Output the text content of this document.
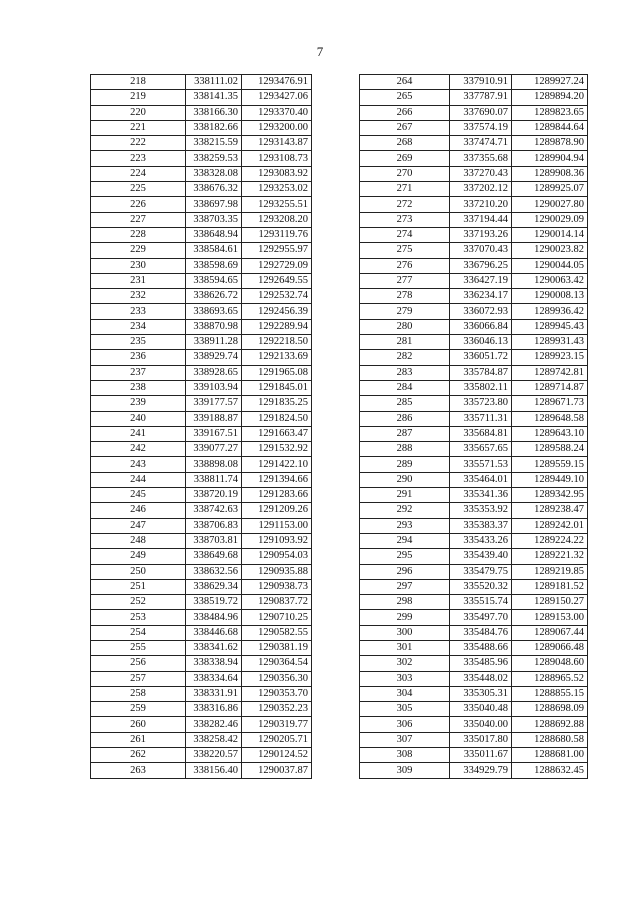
7
218	338111.02	1293476.91
219	338141.35	1293427.06
220	338166.30	1293370.40
221	338182.66	1293200.00
222	338215.59	1293143.87
223	338259.53	1293108.73
224	338328.08	1293083.92
225	338676.32	1293253.02
226	338697.98	1293255.51
227	338703.35	1293208.20
228	338648.94	1293119.76
229	338584.61	1292955.97
230	338598.69	1292729.09
231	338594.65	1292649.55
232	338626.72	1292532.74
233	338693.65	1292456.39
234	338870.98	1292289.94
235	338911.28	1292218.50
236	338929.74	1292133.69
237	338928.65	1291965.08
238	339103.94	1291845.01
239	339177.57	1291835.25
240	339188.87	1291824.50
241	339167.51	1291663.47
242	339077.27	1291532.92
243	338898.08	1291422.10
244	338811.74	1291394.66
245	338720.19	1291283.66
246	338742.63	1291209.26
247	338706.83	1291153.00
248	338703.81	1291093.92
249	338649.68	1290954.03
250	338632.56	1290935.88
251	338629.34	1290938.73
252	338519.72	1290837.72
253	338484.96	1290710.25
254	338446.68	1290582.55
255	338341.62	1290381.19
256	338338.94	1290364.54
257	338334.64	1290356.30
258	338331.91	1290353.70
259	338316.86	1290352.23
260	338282.46	1290319.77
261	338258.42	1290205.71
262	338220.57	1290124.52
263	338156.40	1290037.87
264	337910.91	1289927.24
265	337787.91	1289894.20
266	337690.07	1289823.65
267	337574.19	1289844.64
268	337474.71	1289878.90
269	337355.68	1289904.94
270	337270.43	1289908.36
271	337202.12	1289925.07
272	337210.20	1290027.80
273	337194.44	1290029.09
274	337193.26	1290014.14
275	337070.43	1290023.82
276	336796.25	1290044.05
277	336427.19	1290063.42
278	336234.17	1290008.13
279	336072.93	1289936.42
280	336066.84	1289945.43
281	336046.13	1289931.43
282	336051.72	1289923.15
283	335784.87	1289742.81
284	335802.11	1289714.87
285	335723.80	1289671.73
286	335711.31	1289648.58
287	335684.81	1289643.10
288	335657.65	1289588.24
289	335571.53	1289559.15
290	335464.01	1289449.10
291	335341.36	1289342.95
292	335353.92	1289238.47
293	335383.37	1289242.01
294	335433.26	1289224.22
295	335439.40	1289221.32
296	335479.75	1289219.85
297	335520.32	1289181.52
298	335515.74	1289150.27
299	335497.70	1289153.00
300	335484.76	1289067.44
301	335488.66	1289066.48
302	335485.96	1289048.60
303	335448.02	1288965.52
304	335305.31	1288855.15
305	335040.48	1288698.09
306	335040.00	1288692.88
307	335017.80	1288680.58
308	335011.67	1288681.00
309	334929.79	1288632.45
